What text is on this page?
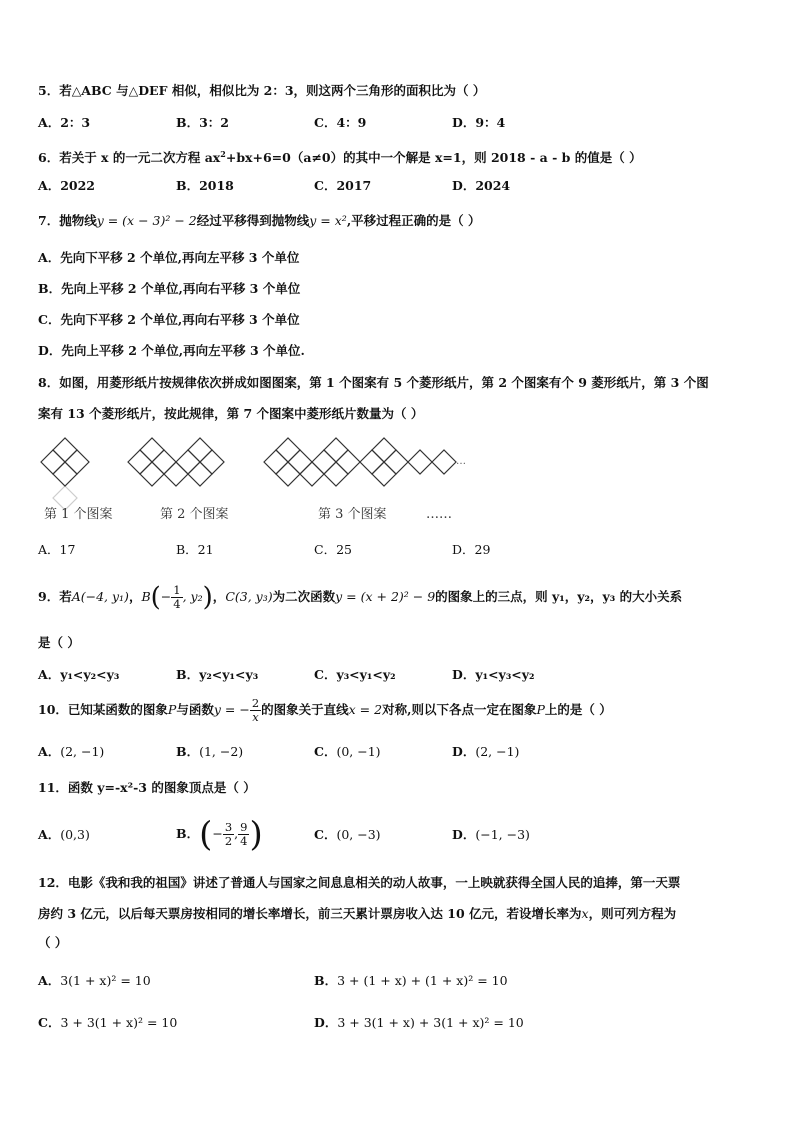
5．若△ABC 与△DEF 相似，相似比为 2：3，则这两个三角形的面积比为（ ）
A．2：3	B．3：2	C．4：9	D．9：4
6．若关于 x 的一元二次方程 $ax^2+bx+6=0(a\ne 0)$的其中一个解是 x=1，则 2018 - a - b 的值是（ ）
A．2022	B．2018	C．2017	D．2024
7．抛物线y = (x − 3)² − 2经过平移得到抛物线y = x²,平移过程正确的是（ ）
A．先向下平移 2 个单位,再向左平移 3 个单位
B．先向上平移 2 个单位,再向右平移 3 个单位
C．先向下平移 2 个单位,再向右平移 3 个单位
D．先向上平移 2 个单位,再向左平移 3 个单位.
8．如图，用菱形纸片按规律依次拼成如图图案，第 1 个图案有 5 个菱形纸片，第 2 个图案有个 9 菱形纸片，第 3 个图
案有 13 个菱形纸片，按此规律，第 7 个图案中菱形纸片数量为（ ）
…
第 1 个图案	第 2 个图案	第 3 个图案	……
A．17	B．21	C．25	D．29
9．若A(−4, y₁)，$B(- \frac{1}{4}$ , y₂)，C(3, y₃)为二次函数y = (x + 2)² − 9的图象上的三点，则 y₁，y₂，y₃ 的大小关系
是（ ）
A．y₁<y₂<y₃	B．y₂<y₁<y₃	C．y₃<y₁<y₂	D．y₁<y₃<y₂
10．已知某函数的图象P与函数y = − $\frac{2}{x}$ 的图象关于直线x = 2对称,则以下各点一定在图象P上的是（ ）
A．(2, −1)	B．(1, −2)	C．(0, −1)	D．(2, −1)
11．函数 y=-x²-3 的图象顶点是（ ）
A．(0,3)	B．(− $\frac{3}{2}$ , $\frac{9}{4}$ )	C．(0, −3)	D．(−1, −3)
12．电影《我和我的祖国》讲述了普通人与国家之间息息相关的动人故事，一上映就获得全国人民的追捧，第一天票
房约 3 亿元，以后每天票房按相同的增长率增长，前三天累计票房收入达 10 亿元，若设增长率为x，则可列方程为
（ ）
A．3(1 + x)² = 10	B．3 + (1 + x) + (1 + x)² = 10
C．3 + 3(1 + x)² = 10	D．3 + 3(1 + x) + 3(1 + x)² = 10
